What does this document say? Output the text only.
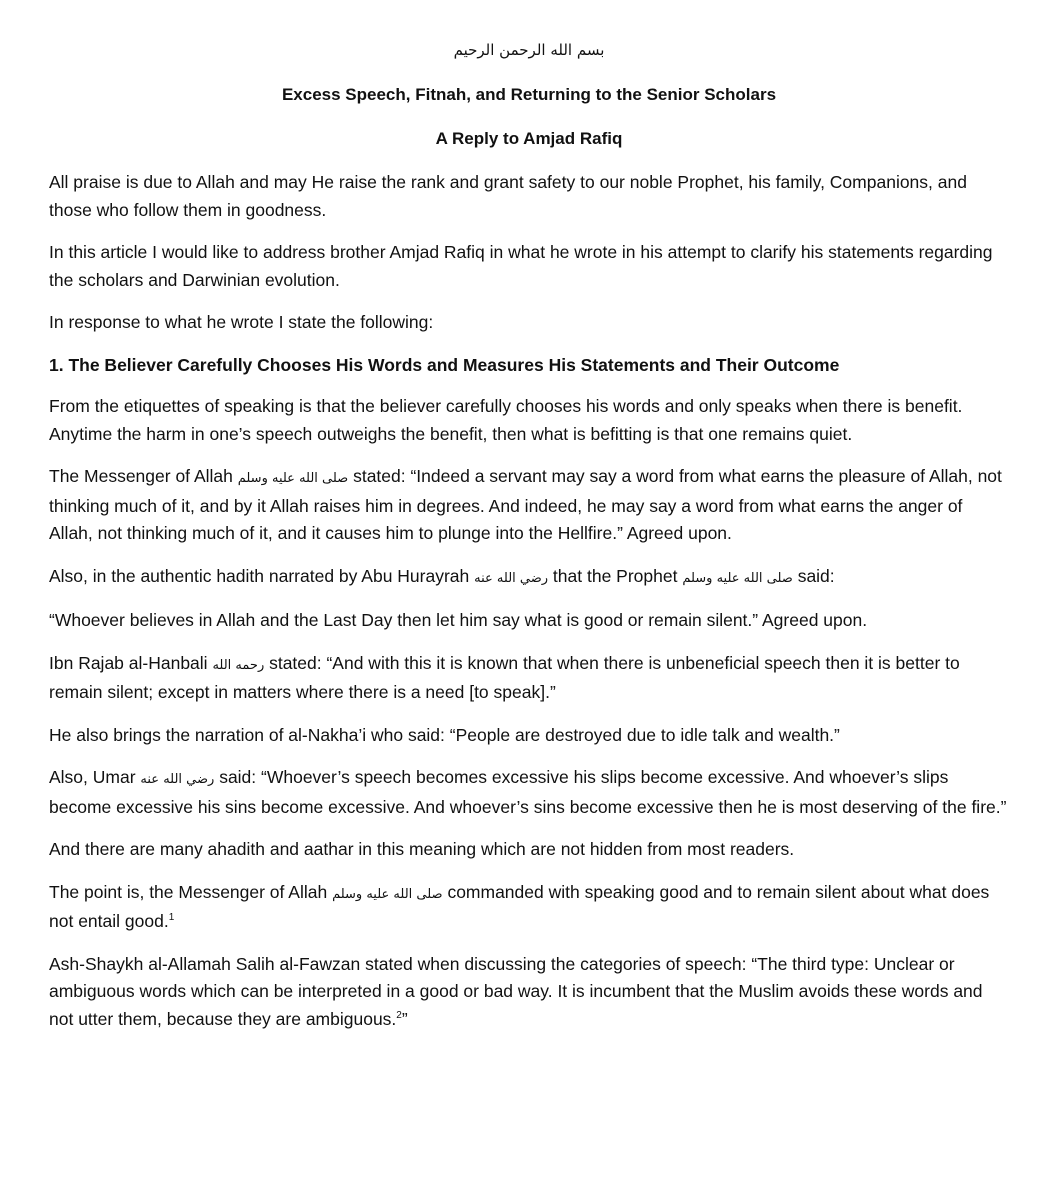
بسم الله الرحمن الرحيم
Excess Speech, Fitnah, and Returning to the Senior Scholars
A Reply to Amjad Rafiq

All praise is due to Allah and may He raise the rank and grant safety to our noble Prophet, his family, Companions, and those who follow them in goodness.

In this article I would like to address brother Amjad Rafiq in what he wrote in his attempt to clarify his statements regarding the scholars and Darwinian evolution.

In response to what he wrote I state the following:

1. The Believer Carefully Chooses His Words and Measures His Statements and Their Outcome

From the etiquettes of speaking is that the believer carefully chooses his words and only speaks when there is benefit. Anytime the harm in one’s speech outweighs the benefit, then what is befitting is that one remains quiet.

The Messenger of Allah صلى الله عليه وسلم stated: “Indeed a servant may say a word from what earns the pleasure of Allah, not thinking much of it, and by it Allah raises him in degrees. And indeed, he may say a word from what earns the anger of Allah, not thinking much of it, and it causes him to plunge into the Hellfire.” Agreed upon.

Also, in the authentic hadith narrated by Abu Hurayrah رضي الله عنه that the Prophet صلى الله عليه وسلم said:

“Whoever believes in Allah and the Last Day then let him say what is good or remain silent.” Agreed upon.

Ibn Rajab al-Hanbali رحمه الله stated: “And with this it is known that when there is unbeneficial speech then it is better to remain silent; except in matters where there is a need [to speak].”

He also brings the narration of al-Nakha’i who said: “People are destroyed due to idle talk and wealth.”

Also, Umar رضي الله عنه said: “Whoever’s speech becomes excessive his slips become excessive. And whoever’s slips become excessive his sins become excessive. And whoever’s sins become excessive then he is most deserving of the fire.”

And there are many ahadith and aathar in this meaning which are not hidden from most readers.

The point is, the Messenger of Allah صلى الله عليه وسلم commanded with speaking good and to remain silent about what does not entail good.$^1$

Ash-Shaykh al-Allamah Salih al-Fawzan stated when discussing the categories of speech: “The third type: Unclear or ambiguous words which can be interpreted in a good or bad way. It is incumbent that the Muslim avoids these words and not utter them, because they are ambiguous.$^2$”
